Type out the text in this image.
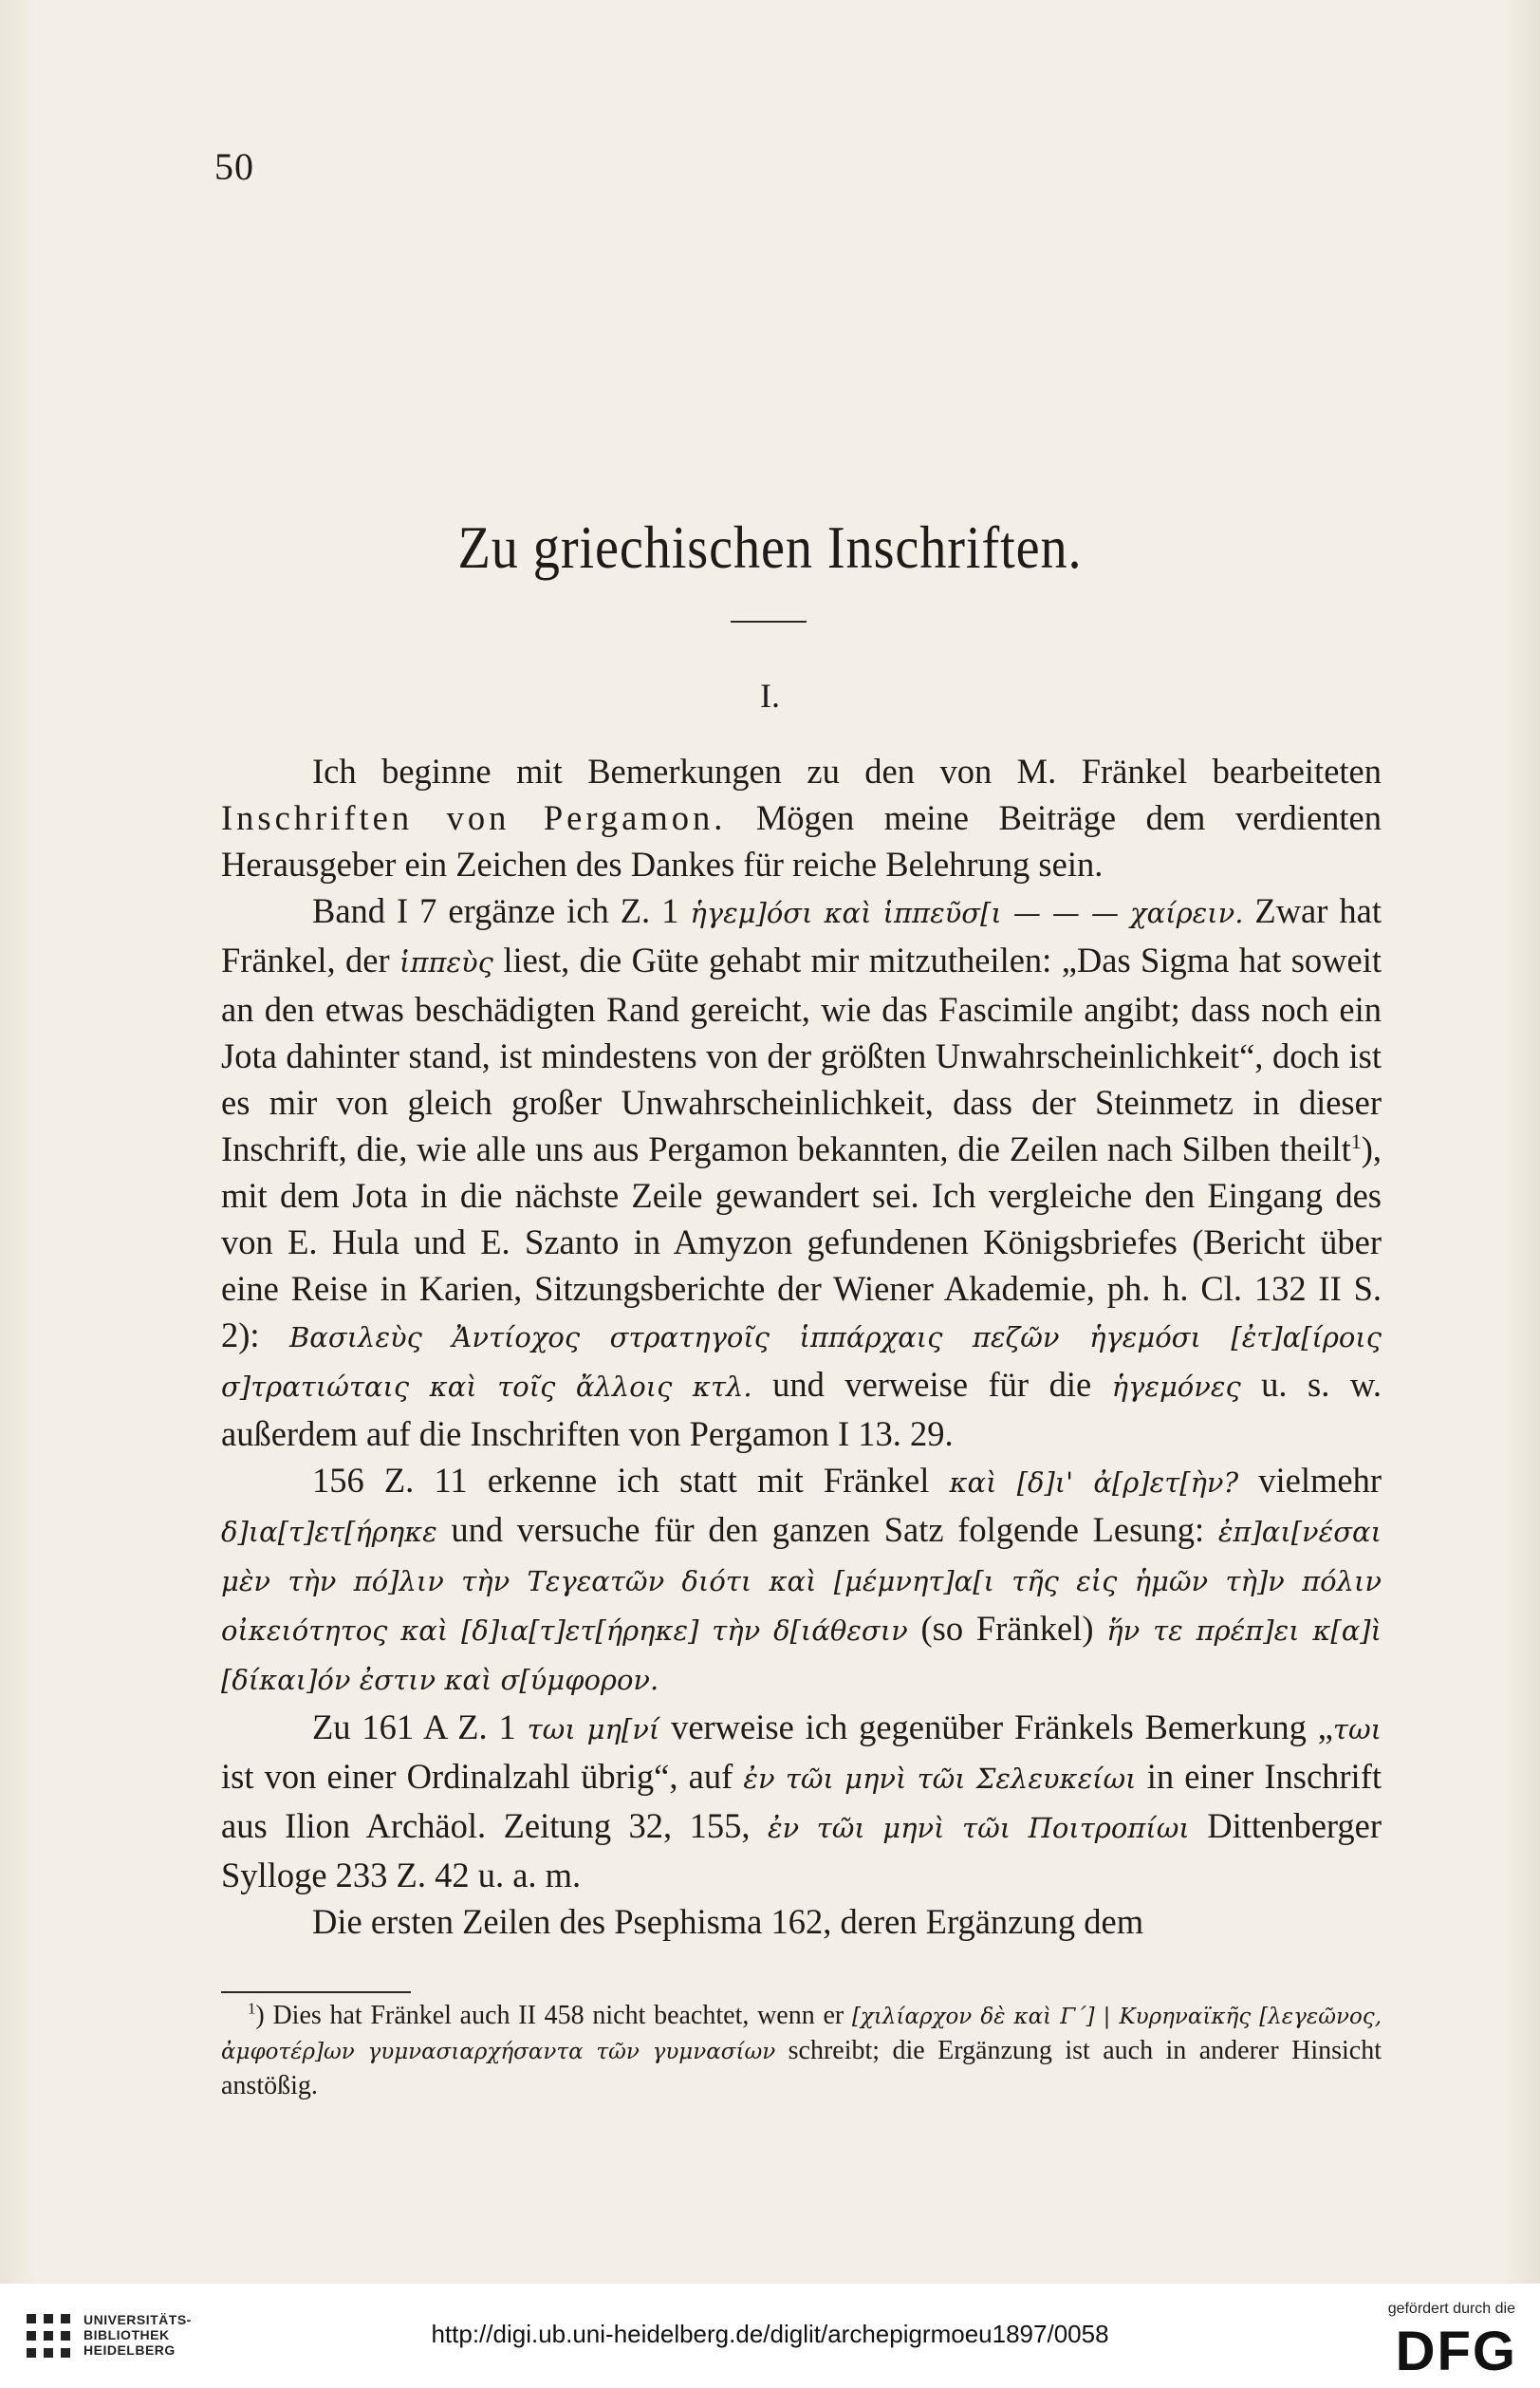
50
Zu griechischen Inschriften.
I.

Ich beginne mit Bemerkungen zu den von M. Fränkel bearbeiteten Inschriften von Pergamon. Mögen meine Beiträge dem verdienten Herausgeber ein Zeichen des Dankes für reiche Belehrung sein.

Band I 7 ergänze ich Z. 1 ἡγεμ]όσι καὶ ἱππεῦσ[ι — — — χαίρειν. Zwar hat Fränkel, der ἱππεὺς liest, die Güte gehabt mir mitzutheilen: „Das Sigma hat soweit an den etwas beschädigten Rand gereicht, wie das Fascimile angibt; dass noch ein Jota dahinter stand, ist mindestens von der größten Unwahrscheinlichkeit“, doch ist es mir von gleich großer Unwahrscheinlichkeit, dass der Steinmetz in dieser Inschrift, die, wie alle uns aus Pergamon bekannten, die Zeilen nach Silben theilt$^1$), mit dem Jota in die nächste Zeile gewandert sei. Ich vergleiche den Eingang des von E. Hula und E. Szanto in Amyzon gefundenen Königsbriefes (Bericht über eine Reise in Karien, Sitzungsberichte der Wiener Akademie, ph. h. Cl. 132 II S. 2): Βασιλεὺς Ἀντίοχος στρατηγοῖς ἱππάρχαις πεζῶν ἡγεμόσι [ἐτ]α[ίροις σ]τρατιώταις καὶ τοῖς ἄλλοις κτλ. und verweise für die ἡγεμόνες u. s. w. außerdem auf die Inschriften von Pergamon I 13. 29.

156 Z. 11 erkenne ich statt mit Fränkel καὶ [δ]ι' ἀ[ρ]ετ[ὴν? vielmehr δ]ια[τ]ετ[ήρηκε und versuche für den ganzen Satz folgende Lesung: ἐπ]αι[νέσαι μὲν τὴν πό]λιν τὴν Τεγεατῶν διότι καὶ [μέμνητ]α[ι τῆς εἰς ἡμῶν τὴ]ν πόλιν οἰκειότητος καὶ [δ]ια[τ]ετ[ήρηκε] τὴν δ[ιάθεσιν (so Fränkel) ἥν τε πρέπ]ει κ[α]ὶ [δίκαι]όν ἐστιν καὶ σ[ύμφορον.

Zu 161 A Z. 1 τωι μη[νί verweise ich gegenüber Fränkels Bemerkung „τωι ist von einer Ordinalzahl übrig“, auf ἐν τῶι μηνὶ τῶι Σελευκείωι in einer Inschrift aus Ilion Archäol. Zeitung 32, 155, ἐν τῶι μηνὶ τῶι Ποιτροπίωι Dittenberger Sylloge 233 Z. 42 u. a. m.

Die ersten Zeilen des Psephisma 162, deren Ergänzung dem

$^1$) Dies hat Fränkel auch II 458 nicht beachtet, wenn er [χιλίαρχον δὲ καὶ Γ΄] | Κυρηναϊκῆς [λεγεῶνος, ἀμφοτέρ]ων γυμνασιαρχήσαντα τῶν γυμνασίων schreibt; die Ergänzung ist auch in anderer Hinsicht anstößig.

UNIVERSITÄTS-
BIBLIOTHEK
HEIDELBERG
http://digi.ub.uni-heidelberg.de/diglit/archepigrmoeu1897/0058
gefördert durch die
DFG
